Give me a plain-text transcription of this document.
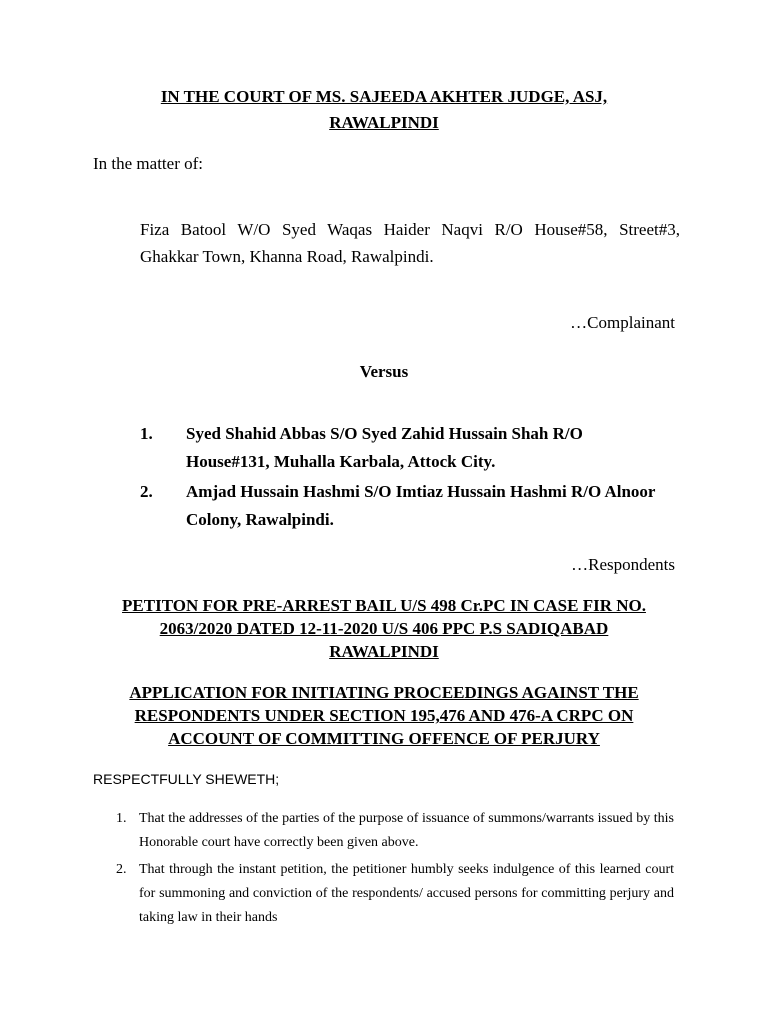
IN THE COURT OF MS. SAJEEDA AKHTER JUDGE, ASJ,
RAWALPINDI
In the matter of:
Fiza Batool W/O Syed Waqas Haider Naqvi R/O House#58, Street#3,
Ghakkar Town, Khanna Road, Rawalpindi.
…Complainant
Versus
1. Syed Shahid Abbas S/O Syed Zahid Hussain Shah R/O
House#131, Muhalla Karbala, Attock City.
2. Amjad Hussain Hashmi S/O Imtiaz Hussain Hashmi R/O Alnoor
Colony, Rawalpindi.
…Respondents
PETITON FOR PRE-ARREST BAIL U/S 498 Cr.PC IN CASE FIR NO.
2063/2020 DATED 12-11-2020 U/S 406 PPC P.S SADIQABAD
RAWALPINDI
APPLICATION FOR INITIATING PROCEEDINGS AGAINST THE
RESPONDENTS UNDER SECTION 195,476 AND 476-A CRPC ON
ACCOUNT OF COMMITTING OFFENCE OF PERJURY
RESPECTFULLY SHEWETH;
1. That the addresses of the parties of the purpose of issuance of summons/warrants issued by this Honorable court have correctly been given above.
2. That through the instant petition, the petitioner humbly seeks indulgence of this learned court for summoning and conviction of the respondents/ accused persons for committing perjury and taking law in their hands
